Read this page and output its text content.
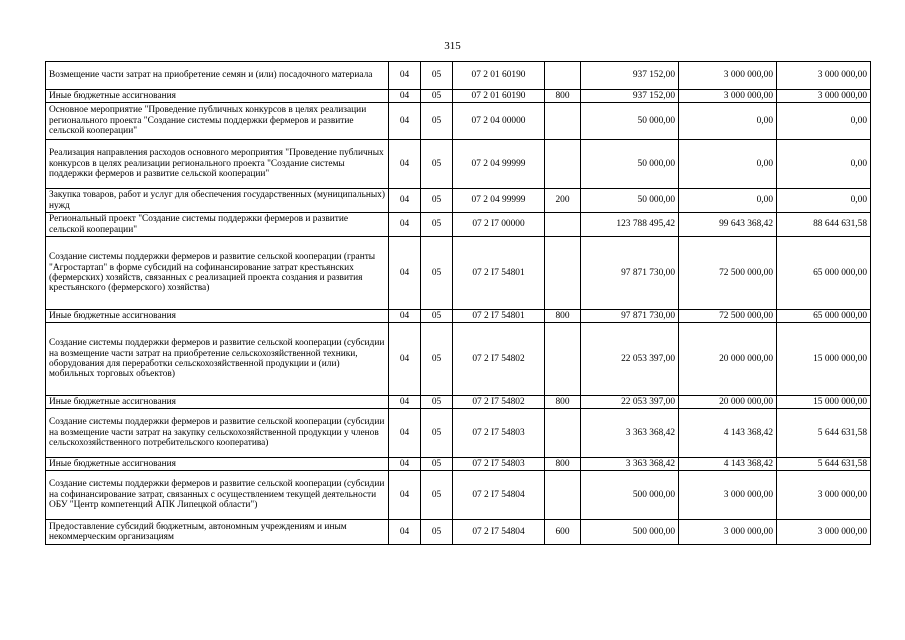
315
Возмещение части затрат на приобретение семян и (или) посадочного материала	04	05	07 2 01 60190		937 152,00	3 000 000,00	3 000 000,00
Иные бюджетные ассигнования	04	05	07 2 01 60190	800	937 152,00	3 000 000,00	3 000 000,00
Основное мероприятие "Проведение публичных конкурсов в целях реализации регионального проекта "Создание системы поддержки фермеров и развитие сельской кооперации"	04	05	07 2 04 00000		50 000,00	0,00	0,00
Реализация направления расходов основного мероприятия "Проведение публичных конкурсов в целях реализации регионального проекта "Создание системы поддержки фермеров и развитие сельской кооперации"	04	05	07 2 04 99999		50 000,00	0,00	0,00
Закупка товаров, работ и услуг для обеспечения государственных (муниципальных) нужд	04	05	07 2 04 99999	200	50 000,00	0,00	0,00
Региональный проект "Создание системы поддержки фермеров и развитие сельской кооперации"	04	05	07 2 I7 00000		123 788 495,42	99 643 368,42	88 644 631,58
Создание системы поддержки фермеров и развитие сельской кооперации (гранты "Агростартап" в форме субсидий на софинансирование затрат крестьянских (фермерских) хозяйств, связанных с реализацией проекта создания и развития крестьянского (фермерского) хозяйства)	04	05	07 2 I7 54801		97 871 730,00	72 500 000,00	65 000 000,00
Иные бюджетные ассигнования	04	05	07 2 I7 54801	800	97 871 730,00	72 500 000,00	65 000 000,00
Создание системы поддержки фермеров и развитие сельской кооперации (субсидии на возмещение части затрат на приобретение сельскохозяйственной техники, оборудования для переработки сельскохозяйственной продукции и (или) мобильных торговых объектов)	04	05	07 2 I7 54802		22 053 397,00	20 000 000,00	15 000 000,00
Иные бюджетные ассигнования	04	05	07 2 I7 54802	800	22 053 397,00	20 000 000,00	15 000 000,00
Создание системы поддержки фермеров и развитие сельской кооперации (субсидии на возмещение части затрат на закупку сельскохозяйственной продукции у членов сельскохозяйственного потребительского кооператива)	04	05	07 2 I7 54803		3 363 368,42	4 143 368,42	5 644 631,58
Иные бюджетные ассигнования	04	05	07 2 I7 54803	800	3 363 368,42	4 143 368,42	5 644 631,58
Создание системы поддержки фермеров и развитие сельской кооперации (субсидии на софинансирование затрат, связанных с осуществлением текущей деятельности ОБУ "Центр компетенций АПК Липецкой области")	04	05	07 2 I7 54804		500 000,00	3 000 000,00	3 000 000,00
Предоставление субсидий бюджетным, автономным учреждениям и иным некоммерческим организациям	04	05	07 2 I7 54804	600	500 000,00	3 000 000,00	3 000 000,00
